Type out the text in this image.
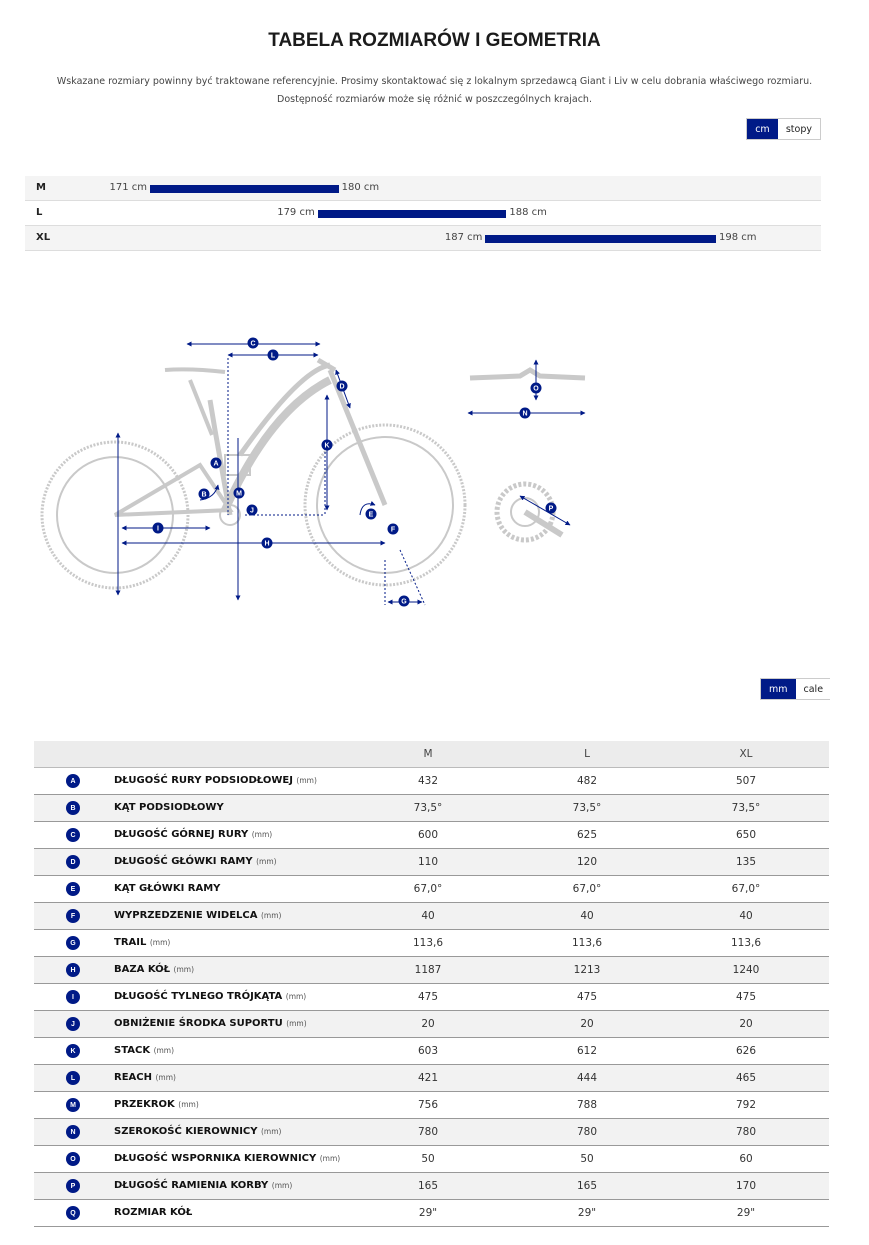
TABELA ROZMIARÓW I GEOMETRIA
Wskazane rozmiary powinny być traktowane referencyjnie. Prosimy skontaktować się z lokalnym sprzedawcą Giant i Liv w celu dobrania właściwego rozmiaru.
Dostępność rozmiarów może się różnić w poszczególnych krajach.
cm	stopy
M	171 cm	180 cm
L	179 cm	188 cm
XL	187 cm	198 cm
A
B
C
D
E
F
G
H
I
J
K
L
M
N
O
P
mm	cale
M	L	XL
A	DŁUGOŚĆ RURY PODSIODŁOWEJ (mm)	432	482	507
B	KĄT PODSIODŁOWY	73,5°	73,5°	73,5°
C	DŁUGOŚĆ GÓRNEJ RURY (mm)	600	625	650
D	DŁUGOŚĆ GŁÓWKI RAMY (mm)	110	120	135
E	KĄT GŁÓWKI RAMY	67,0°	67,0°	67,0°
F	WYPRZEDZENIE WIDELCA (mm)	40	40	40
G	TRAIL (mm)	113,6	113,6	113,6
H	BAZA KÓŁ (mm)	1187	1213	1240
I	DŁUGOŚĆ TYLNEGO TRÓJKĄTA (mm)	475	475	475
J	OBNIŻENIE ŚRODKA SUPORTU (mm)	20	20	20
K	STACK (mm)	603	612	626
L	REACH (mm)	421	444	465
M	PRZEKROK (mm)	756	788	792
N	SZEROKOŚĆ KIEROWNICY (mm)	780	780	780
O	DŁUGOŚĆ WSPORNIKA KIEROWNICY (mm)	50	50	60
P	DŁUGOŚĆ RAMIENIA KORBY (mm)	165	165	170
Q	ROZMIAR KÓŁ	29"	29"	29"
